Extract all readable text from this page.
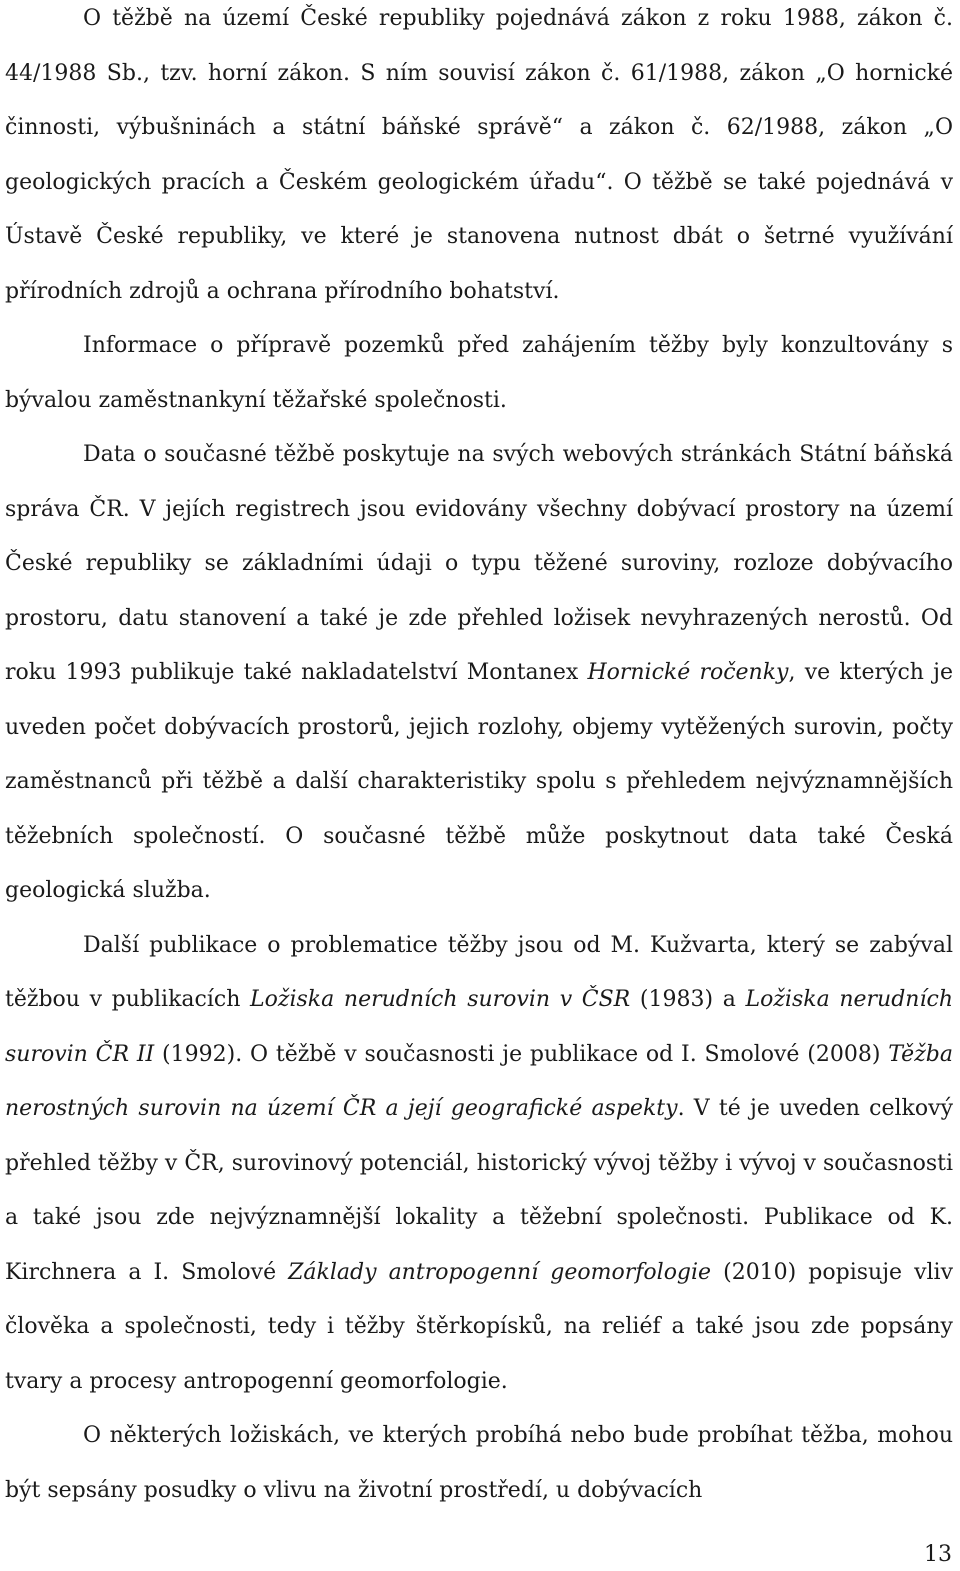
O těžbě na území České republiky pojednává zákon z roku 1988, zákon č. 44/1988 Sb., tzv. horní zákon. S ním souvisí zákon č. 61/1988, zákon „O hornické činnosti, výbušninách a státní báňské správě“ a zákon č. 62/1988, zákon „O geologických pracích a Českém geologickém úřadu“. O těžbě se také pojednává v Ústavě České republiky, ve které je stanovena nutnost dbát o šetrné využívání přírodních zdrojů a ochrana přírodního bohatství.

Informace o přípravě pozemků před zahájením těžby byly konzultovány s bývalou zaměstnankyní těžařské společnosti.

Data o současné těžbě poskytuje na svých webových stránkách Státní báňská správa ČR. V jejích registrech jsou evidovány všechny dobývací prostory na území České republiky se základními údaji o typu těžené suroviny, rozloze dobývacího prostoru, datu stanovení a také je zde přehled ložisek nevyhrazených nerostů. Od roku 1993 publikuje také nakladatelství Montanex Hornické ročenky, ve kterých je uveden počet dobývacích prostorů, jejich rozlohy, objemy vytěžených surovin, počty zaměstnanců při těžbě a další charakteristiky spolu s přehledem nejvýznamnějších těžebních společností. O současné těžbě může poskytnout data také Česká geologická služba.

Další publikace o problematice těžby jsou od M. Kužvarta, který se zabýval těžbou v publikacích Ložiska nerudních surovin v ČSR (1983) a Ložiska nerudních surovin ČR II (1992). O těžbě v současnosti je publikace od I. Smolové (2008) Těžba nerostných surovin na území ČR a její geografické aspekty. V té je uveden celkový přehled těžby v ČR, surovinový potenciál, historický vývoj těžby i vývoj v současnosti a také jsou zde nejvýznamnější lokality a těžební společnosti. Publikace od K. Kirchnera a I. Smolové Základy antropogenní geomorfologie (2010) popisuje vliv člověka a společnosti, tedy i těžby štěrkopísků, na reliéf a také jsou zde popsány tvary a procesy antropogenní geomorfologie.

O některých ložiskách, ve kterých probíhá nebo bude probíhat těžba, mohou být sepsány posudky o vlivu na životní prostředí, u dobývacích

13
